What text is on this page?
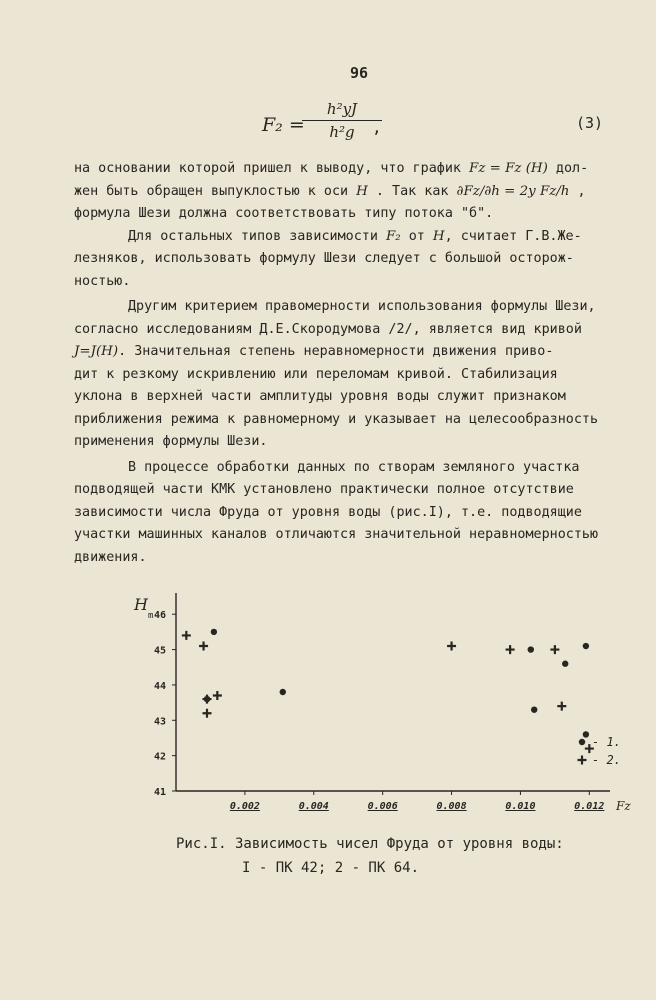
96
F₂ =
$\frac{\text{h²yJ}}{\text{h²g}}$
,	(3)

на основании которой пришел к выводу, что график Fz = Fz (H) дол-

жен быть обращен выпуклостью к оси H . Так как ∂Fz/∂h = 2y Fz/h ,

формула Шези должна соответствовать типу потока "б".

Для остальных типов зависимости F₂ от H, считает Г.В.Же-

лезняков, использовать формулу Шези следует с большой осторож-

ностью.

Другим критерием правомерности использования формулы Шези,

согласно исследованиям Д.Е.Скородумова /2/, является вид кривой

J=J(H). Значительная степень неравномерности движения приво-

дит к резкому искривлению или переломам кривой. Стабилизация

уклона в верхней части амплитуды уровня воды служит признаком

приближения режима к равномерному и указывает на целесообразность

применения формулы Шези.

В процессе обработки данных по створам земляного участка

подводящей части КМК установлено практически полное отсутствие

зависимости числа Фруда от уровня воды (рис.I), т.е. подводящие

участки машинных каналов отличаются значительной неравномерностью

движения.

H
m
Fz
41
42
43
44
45
46
0.002	0.004	0.006	0.008	0.010	0.012
- 1.
- 2.
Рис.I. Зависимость чисел Фруда от уровня воды:
I - ПК 42; 2 - ПК 64.
